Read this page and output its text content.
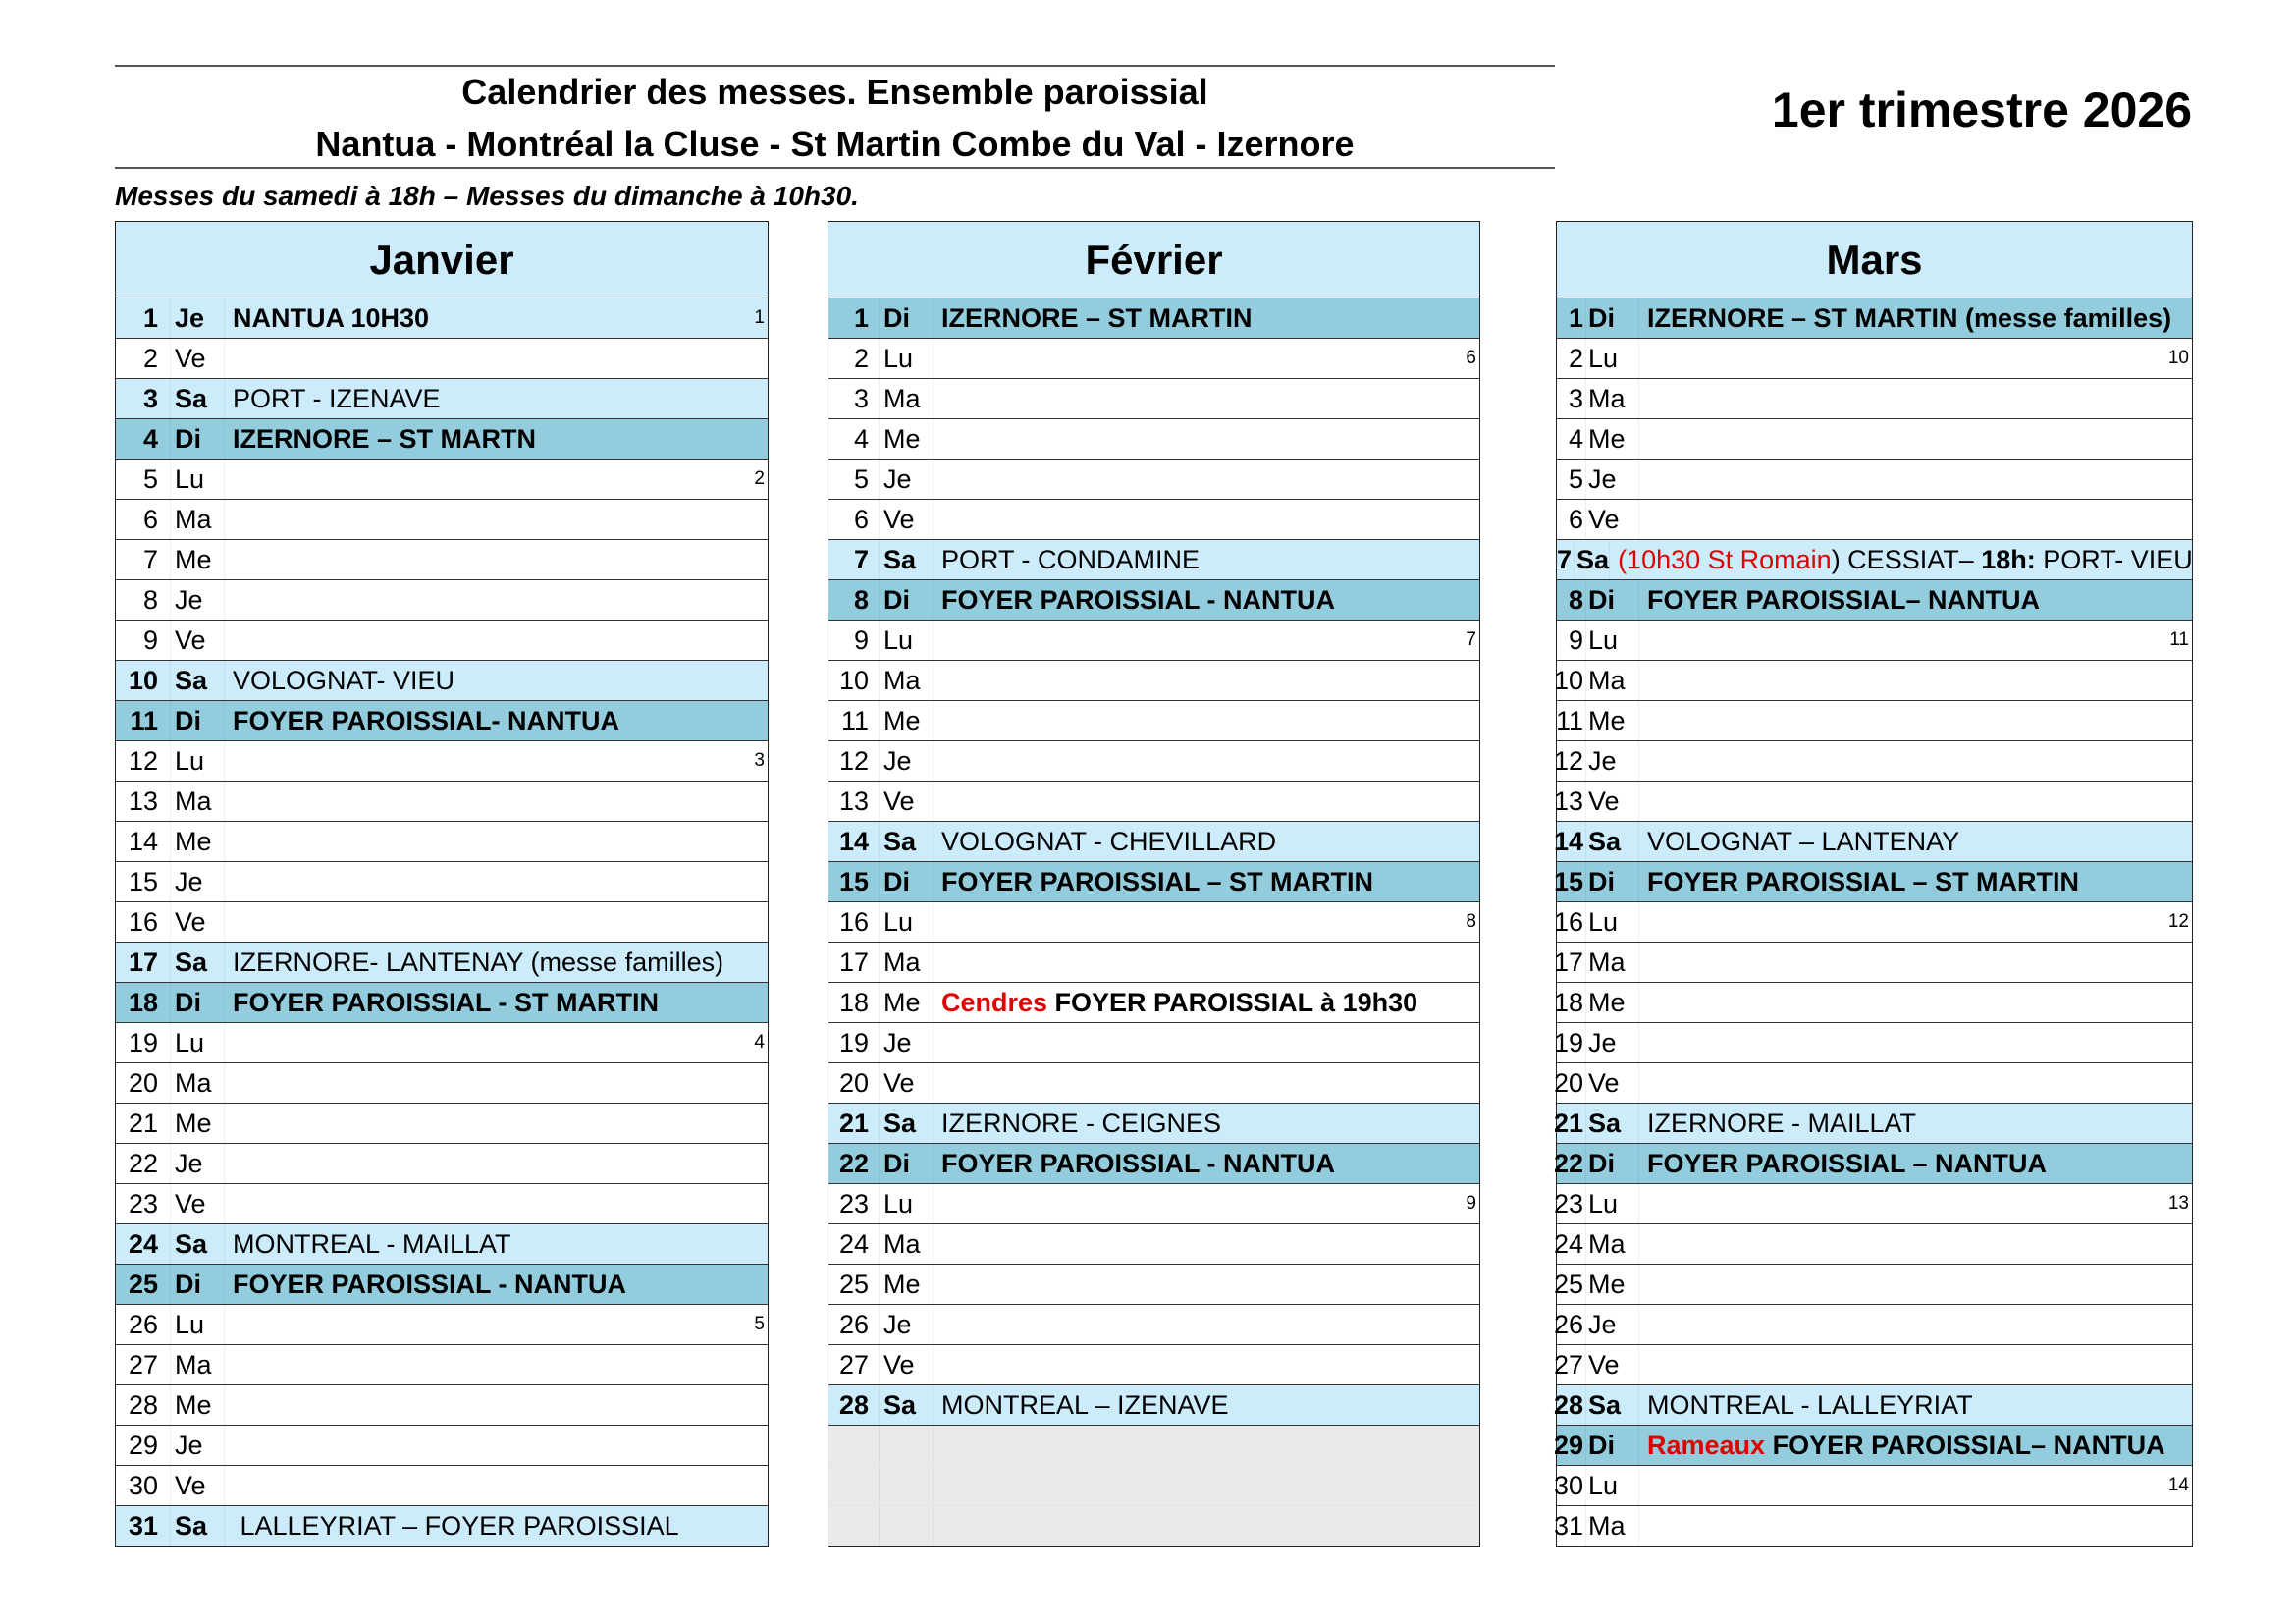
Calendrier des messes. Ensemble paroissial
Nantua - Montréal la Cluse - St Martin Combe du Val - Izernore
1er trimestre 2026
Messes du samedi à 18h – Messes du dimanche à 10h30.
Janvier
1 Je	NANTUA 10H30	1
2 Ve
3 Sa PORT - IZENAVE
4 Di	IZERNORE – ST MARTN
5 Lu	2
6 Ma
7 Me
8 Je
9 Ve
10 Sa VOLOGNAT- VIEU
11 Di	FOYER PAROISSIAL- NANTUA
12 Lu	3
13 Ma
14 Me
15 Je
16 Ve
17 Sa IZERNORE- LANTENAY (messe familles)
18 Di	FOYER PAROISSIAL - ST MARTIN
19 Lu	4
20 Ma
21 Me
22 Je
23 Ve
24 Sa MONTREAL - MAILLAT
25 Di	FOYER PAROISSIAL - NANTUA
26 Lu	5
27 Ma
28 Me
29 Je
30 Ve
31 Sa LALLEYRIAT – FOYER PAROISSIAL
Février
1 Di	IZERNORE – ST MARTIN
2 Lu	6
3 Ma
4 Me
5 Je
6 Ve
7 Sa PORT - CONDAMINE
8 Di	FOYER PAROISSIAL - NANTUA
9 Lu	7
10 Ma
11 Me
12 Je
13 Ve
14 Sa VOLOGNAT - CHEVILLARD
15 Di	FOYER PAROISSIAL – ST MARTIN
16 Lu	8
17 Ma
18 Me Cendres FOYER PAROISSIAL à 19h30
19 Je
20 Ve
21 Sa IZERNORE - CEIGNES
22 Di	FOYER PAROISSIAL - NANTUA
23 Lu	9
24 Ma
25 Me
26 Je
27 Ve
28 Sa MONTREAL – IZENAVE
Mars
1 Di	IZERNORE – ST MARTIN (messe familles)
2 Lu	10
3 Ma
4 Me
5 Je
6 Ve
7 Sa (10h30 St Romain) CESSIAT– 18h: PORT- VIEU
8 Di	FOYER PAROISSIAL– NANTUA
9 Lu	11
10 Ma
11 Me
12 Je
13 Ve
14 Sa VOLOGNAT – LANTENAY
15 Di	FOYER PAROISSIAL – ST MARTIN
16 Lu	12
17 Ma
18 Me
19 Je
20 Ve
21 Sa IZERNORE - MAILLAT
22 Di	FOYER PAROISSIAL – NANTUA
23 Lu	13
24 Ma
25 Me
26 Je
27 Ve
28 Sa MONTREAL - LALLEYRIAT
29 Di	Rameaux FOYER PAROISSIAL– NANTUA
30 Lu	14
31 Ma
